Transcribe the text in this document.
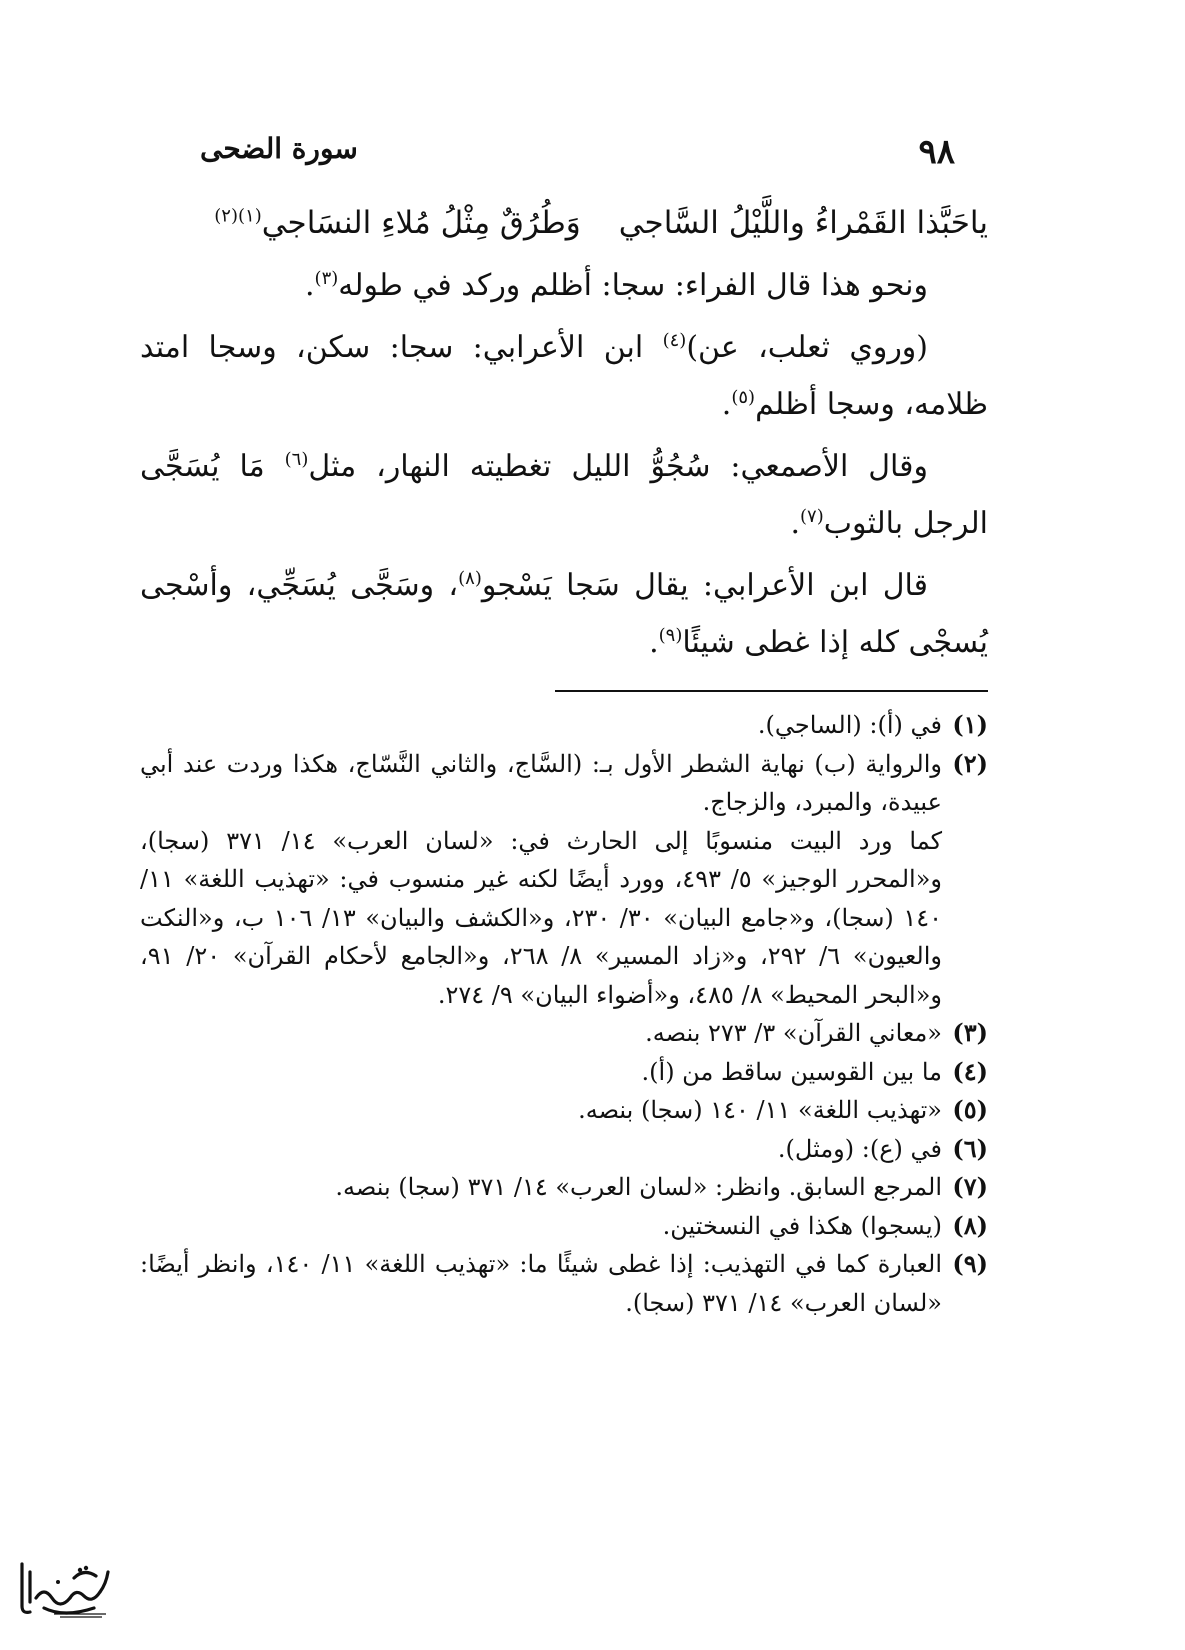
٩٨
سورة الضحى

ياحَبَّذا القَمْراءُ واللَّيْلُ السَّاجيوَطُرُقٌ مِثْلُ مُلاءِ النسَاجي$^{(١)(٢)}$

ونحو هذا قال الفراء: سجا: أظلم وركد في طوله$^{(٣)}$.

(وروي ثعلب، عن)$^{(٤)}$ ابن الأعرابي: سجا: سكن، وسجا امتد ظلامه، وسجا أظلم$^{(٥)}$.

وقال الأصمعي: سُجُوُّ الليل تغطيته النهار، مثل$^{(٦)}$ مَا يُسَجَّى الرجل بالثوب$^{(٧)}$.

قال ابن الأعرابي: يقال سَجا يَسْجو$^{(٨)}$، وسَجَّى يُسَجِّي، وأسْجى يُسجْى كله إذا غطى شيئًا$^{(٩)}$.

(١)في (أ): (الساجي).

(٢)والرواية (ب) نهاية الشطر الأول بـ: (السَّاج، والثاني النَّسّاج، هكذا وردت عند أبي عبيدة، والمبرد، والزجاج.

كما ورد البيت منسوبًا إلى الحارث في: «لسان العرب» ١٤/ ٣٧١ (سجا)، و«المحرر الوجيز» ٥/ ٤٩٣، وورد أيضًا لكنه غير منسوب في: «تهذيب اللغة» ١١/ ١٤٠ (سجا)، و«جامع البيان» ٣٠/ ٢٣٠، و«الكشف والبيان» ١٣/ ١٠٦ ب، و«النكت والعيون» ٦/ ٢٩٢، و«زاد المسير» ٨/ ٢٦٨، و«الجامع لأحكام القرآن» ٢٠/ ٩١، و«البحر المحيط» ٨/ ٤٨٥، و«أضواء البيان» ٩/ ٢٧٤.

(٣)«معاني القرآن» ٣/ ٢٧٣ بنصه.

(٤)ما بين القوسين ساقط من (أ).

(٥)«تهذيب اللغة» ١١/ ١٤٠ (سجا) بنصه.

(٦)في (ع): (ومثل).

(٧)المرجع السابق. وانظر: «لسان العرب» ١٤/ ٣٧١ (سجا) بنصه.

(٨)(يسجوا) هكذا في النسختين.

(٩)العبارة كما في التهذيب: إذا غطى شيئًا ما: «تهذيب اللغة» ١١/ ١٤٠، وانظر أيضًا: «لسان العرب» ١٤/ ٣٧١ (سجا).
